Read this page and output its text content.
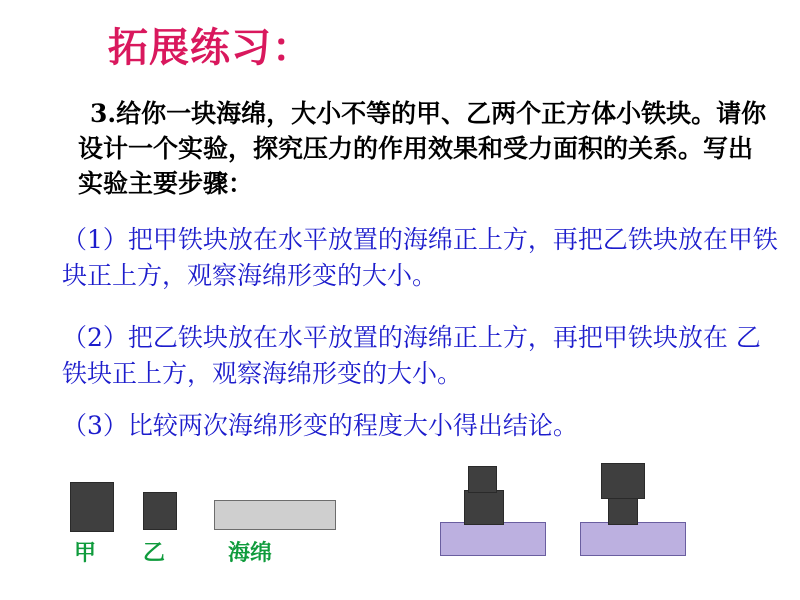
拓展练习：
3.给你一块海绵，大小不等的甲、乙两个正方体小铁块。请你设计一个实验，探究压力的作用效果和受力面积的关系。写出实验主要步骤：
（1）把甲铁块放在水平放置的海绵正上方，再把乙铁块放在甲铁块正上方，观察海绵形变的大小。
（2）把乙铁块放在水平放置的海绵正上方，再把甲铁块放在 乙铁块正上方，观察海绵形变的大小。
（3）比较两次海绵形变的程度大小得出结论。
甲 乙	海绵
